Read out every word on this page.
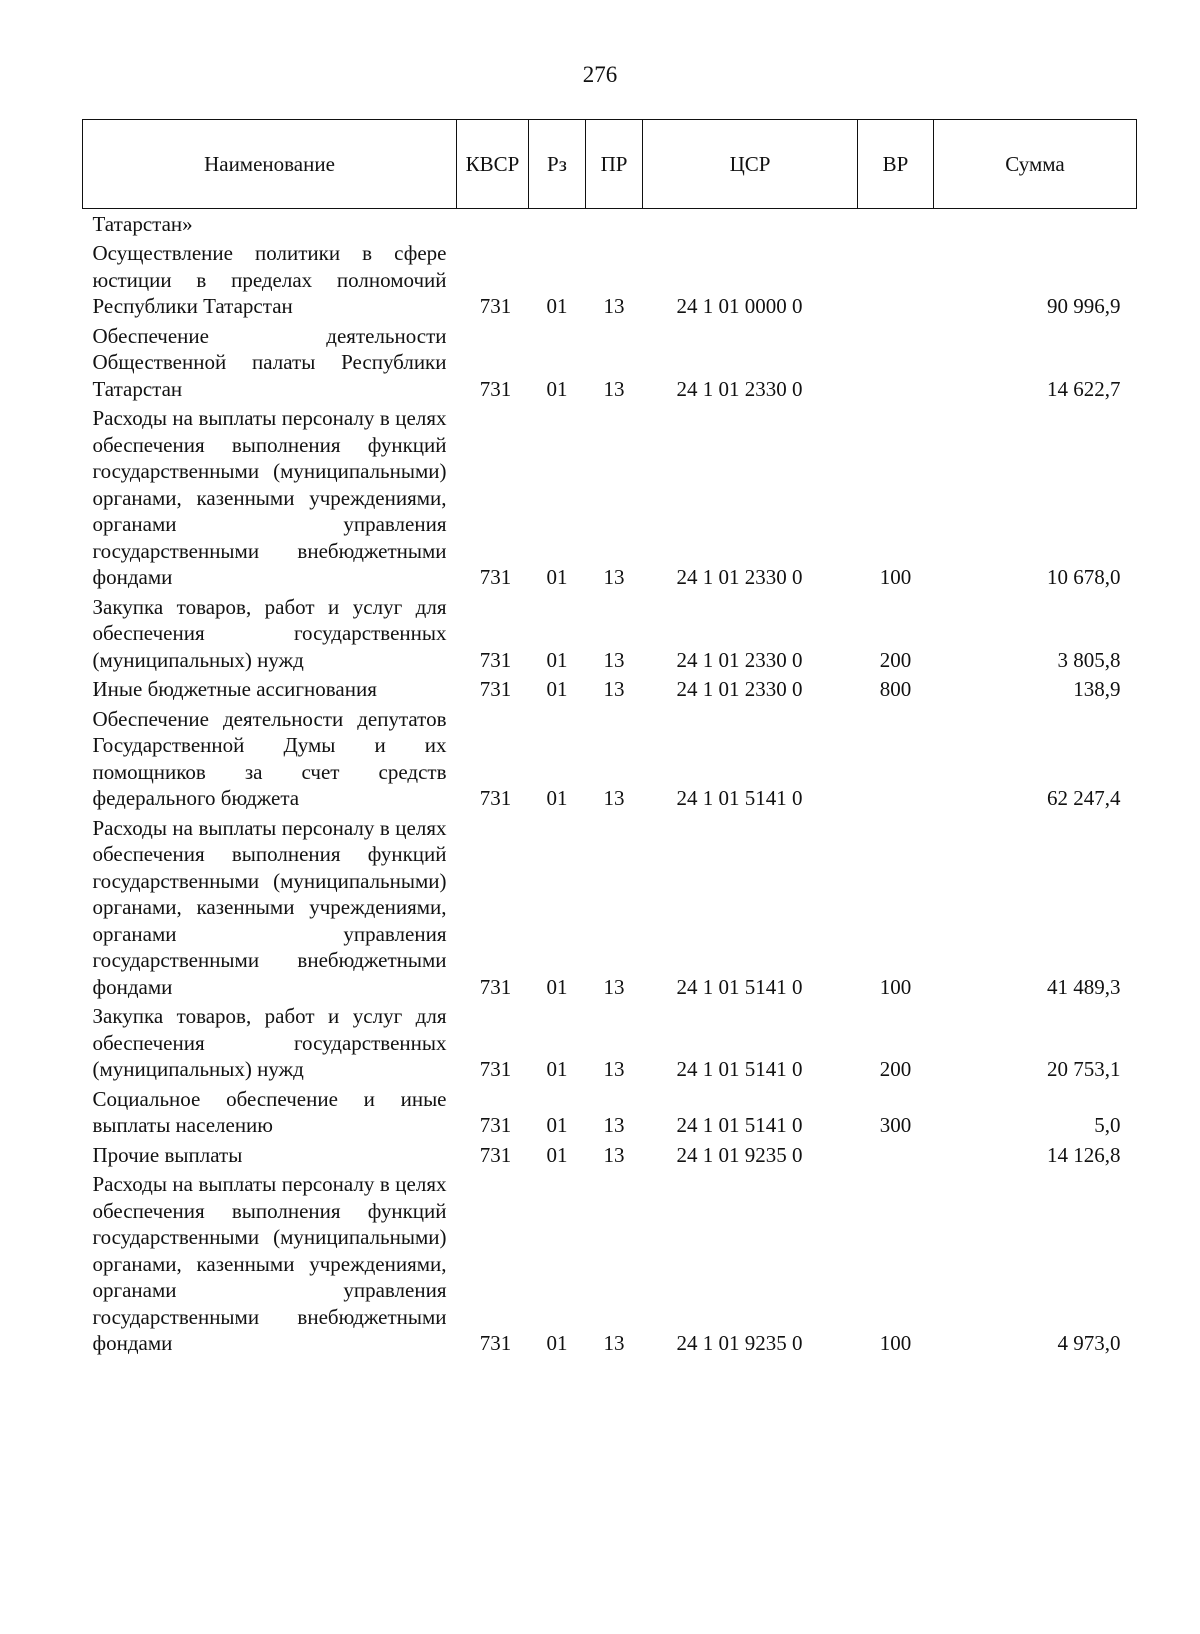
276
Наименование	КВСР	Рз	ПР	ЦСР	ВР	Сумма
Татарстан»						
Осуществление политики в сфере юстиции в пределах полномочий Республики Татарстан	731	01	13	24 1 01 0000 0		90 996,9
Обеспечение деятельности Общественной палаты Республики Татарстан	731	01	13	24 1 01 2330 0		14 622,7
Расходы на выплаты персоналу в целях обеспечения выполнения функций государственными (муниципальными) органами, казенными учреждениями, органами управления государственными внебюджетными фондами	731	01	13	24 1 01 2330 0	100	10 678,0
Закупка товаров, работ и услуг для обеспечения государственных (муниципальных) нужд	731	01	13	24 1 01 2330 0	200	3 805,8
Иные бюджетные ассигнования	731	01	13	24 1 01 2330 0	800	138,9
Обеспечение деятельности депутатов Государственной Думы и их помощников за счет средств федерального бюджета	731	01	13	24 1 01 5141 0		62 247,4
Расходы на выплаты персоналу в целях обеспечения выполнения функций государственными (муниципальными) органами, казенными учреждениями, органами управления государственными внебюджетными фондами	731	01	13	24 1 01 5141 0	100	41 489,3
Закупка товаров, работ и услуг для обеспечения государственных (муниципальных) нужд	731	01	13	24 1 01 5141 0	200	20 753,1
Социальное обеспечение и иные выплаты населению	731	01	13	24 1 01 5141 0	300	5,0
Прочие выплаты	731	01	13	24 1 01 9235 0		14 126,8
Расходы на выплаты персоналу в целях обеспечения выполнения функций государственными (муниципальными) органами, казенными учреждениями, органами управления государственными внебюджетными фондами	731	01	13	24 1 01 9235 0	100	4 973,0
